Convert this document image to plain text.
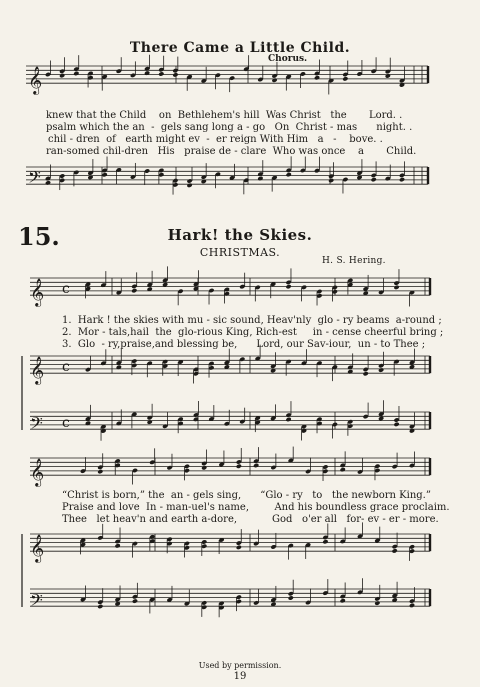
There Came a Little Child.
Chorus.
𝄞
𝄢
𝄞 c
𝄞 c
𝄢 c
𝄞
𝄞
𝄢
knew that the Child    on  Bethlehem's hill  Was Christ   the       Lord. .
psalm which the an  -  gels sang long a - go   On  Christ - mas      night. .
chil - dren  of   earth might ev  -  er reign With Him   a   -    bove. .
ran-somed chil-dren   His   praise de - clare  Who was once    a       Child.
15.	Hark! the Skies.
CHRISTMAS.
H. S. Hering.
1.  Hark ! the skies with mu - sic sound, Heav'nly  glo - ry beams  a-round ;
2.  Mor - tals,hail  the  glo-rious King, Rich-est     in - cense cheerful bring ;
3.  Glo  - ry,praise,and blessing be,      Lord, our Sav-iour,  un - to Thee ;
“Christ is born,” the  an - gels sing,      “Glo - ry   to   the newborn King.”
Praise and love  In - man-uel's name,        And his boundless grace proclaim.
Thee   let heav'n and earth a-dore,           God   o'er all   for- ev - er - more.
Used by permission.
19
